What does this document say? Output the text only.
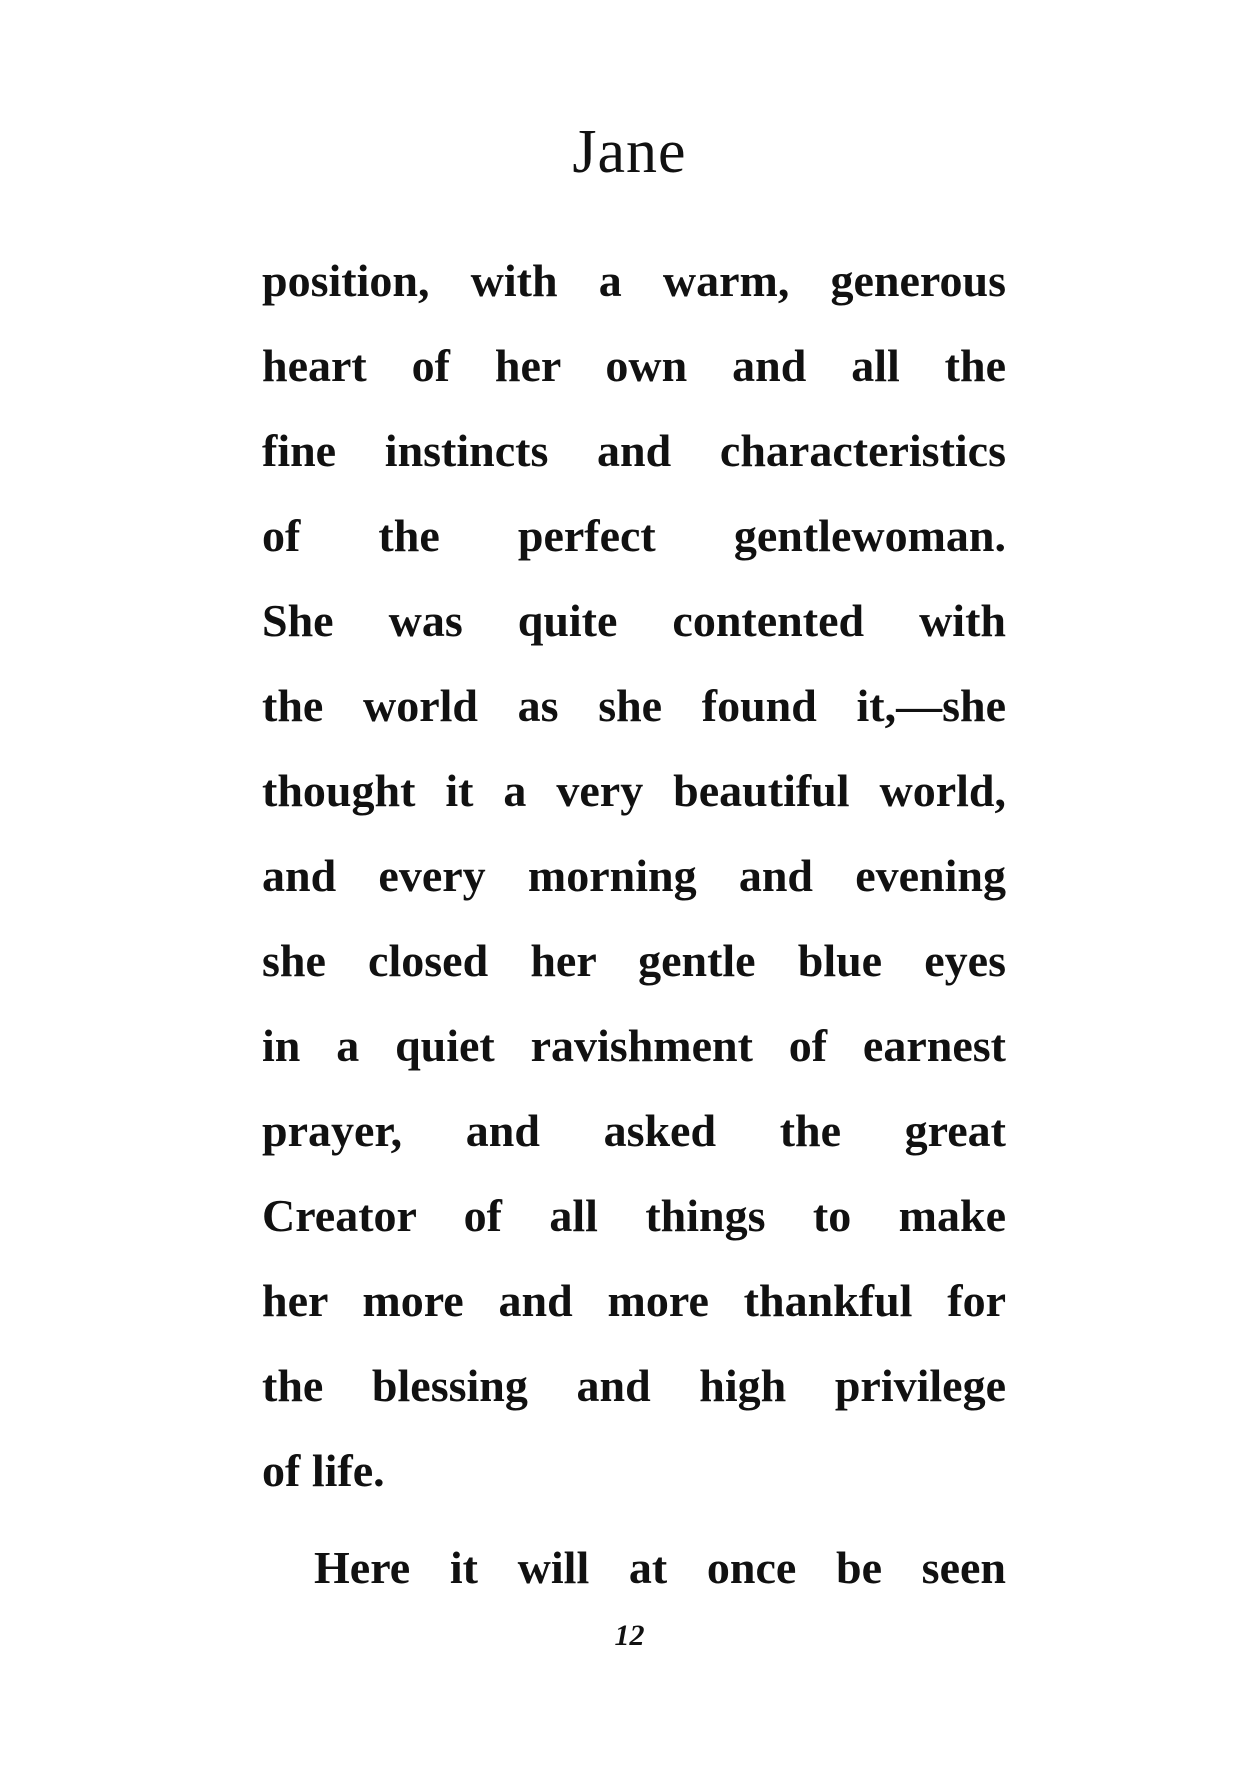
Jane
position, with a warm, generous
heart of her own and all the
fine instincts and characteristics
of the perfect gentlewoman.
She was quite contented with
the world as she found it,—she
thought it a very beautiful world,
and every morning and evening
she closed her gentle blue eyes
in a quiet ravishment of earnest
prayer, and asked the great
Creator of all things to make
her more and more thankful for
the blessing and high privilege
of life.
Here it will at once be seen
12
